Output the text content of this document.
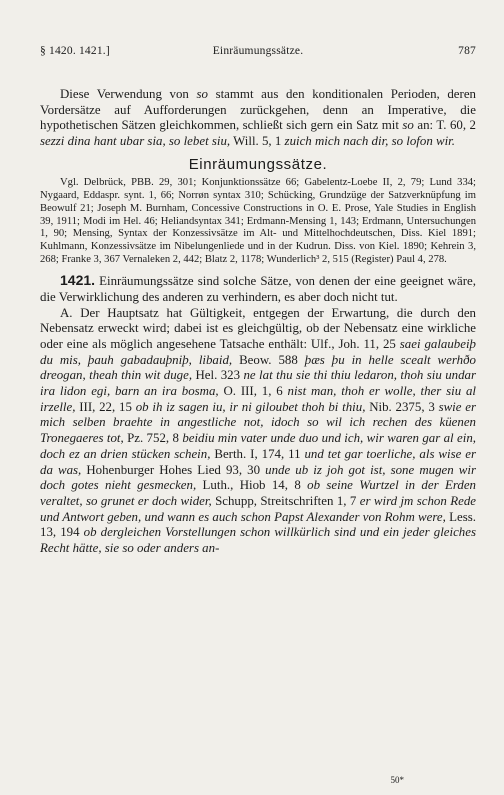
§ 1420. 1421.]	Einräumungssätze.	787

Diese Verwendung von so stammt aus den konditionalen Perioden, deren Vordersätze auf Aufforderungen zurückgehen, denn an Imperative, die hypothetischen Sätzen gleichkommen, schließt sich gern ein Satz mit so an: T. 60, 2 sezzi dina hant ubar sia, so lebet siu, Will. 5, 1 zuich mich nach dir, so lofon wir.

Einräumungssätze.

Vgl. Delbrück, PBB. 29, 301; Konjunktionssätze 66; Gabelentz-Loebe II, 2, 79; Lund 334; Nygaard, Eddaspr. synt. 1, 66; Norrøn syntax 310; Schücking, Grundzüge der Satzverknüpfung im Beowulf 21; Joseph M. Burnham, Concessive Constructions in O. E. Prose, Yale Studies in English 39, 1911; Modi im Hel. 46; Heliandsyntax 341; Erdmann-Mensing 1, 143; Erdmann, Untersuchungen 1, 90; Mensing, Syntax der Konzessivsätze im Alt- und Mittelhochdeutschen, Diss. Kiel 1891; Kuhlmann, Konzessivsätze im Nibelungenliede und in der Kudrun. Diss. von Kiel. 1890; Kehrein 3, 268; Franke 3, 367 Vernaleken 2, 442; Blatz 2, 1178; Wunderlich³ 2, 515 (Register) Paul 4, 278.

1421. Einräumungssätze sind solche Sätze, von denen der eine geeignet wäre, die Verwirklichung des anderen zu verhindern, es aber doch nicht tut.

A. Der Hauptsatz hat Gültigkeit, entgegen der Erwartung, die durch den Nebensatz erweckt wird; dabei ist es gleichgültig, ob der Nebensatz eine wirkliche oder eine als möglich angesehene Tatsache enthält: Ulf., Joh. 11, 25 saei galaubeiþ du mis, þauh gabadauþniþ, libaid, Beow. 588 þæs þu in helle scealt werhðo dreogan, theah thin wit duge, Hel. 323 ne lat thu sie thi thiu ledaron, thoh siu undar ira lidon egi, barn an ira bosma, O. III, 1, 6 nist man, thoh er wolle, ther siu al irzelle, III, 22, 15 ob ih iz sagen iu, ir ni giloubet thoh bi thiu, Nib. 2375, 3 swie er mich selben braehte in angestliche not, idoch so wil ich rechen des küenen Tronegaeres tot, Pz. 752, 8 beidiu min vater unde duo und ich, wir waren gar al ein, doch ez an drien stücken schein, Berth. I, 174, 11 und tet gar toerliche, als wise er da was, Hohenburger Hohes Lied 93, 30 unde ub iz joh got ist, sone mugen wir doch gotes nieht gesmecken, Luth., Hiob 14, 8 ob seine Wurtzel in der Erden veraltet, so grunet er doch wider, Schupp, Streitschriften 1, 7 er wird jm schon Rede und Antwort geben, und wann es auch schon Papst Alexander von Rohm were, Less. 13, 194 ob dergleichen Vorstellungen schon willkürlich sind und ein jeder gleiches Recht hätte, sie so oder anders an-

50*
